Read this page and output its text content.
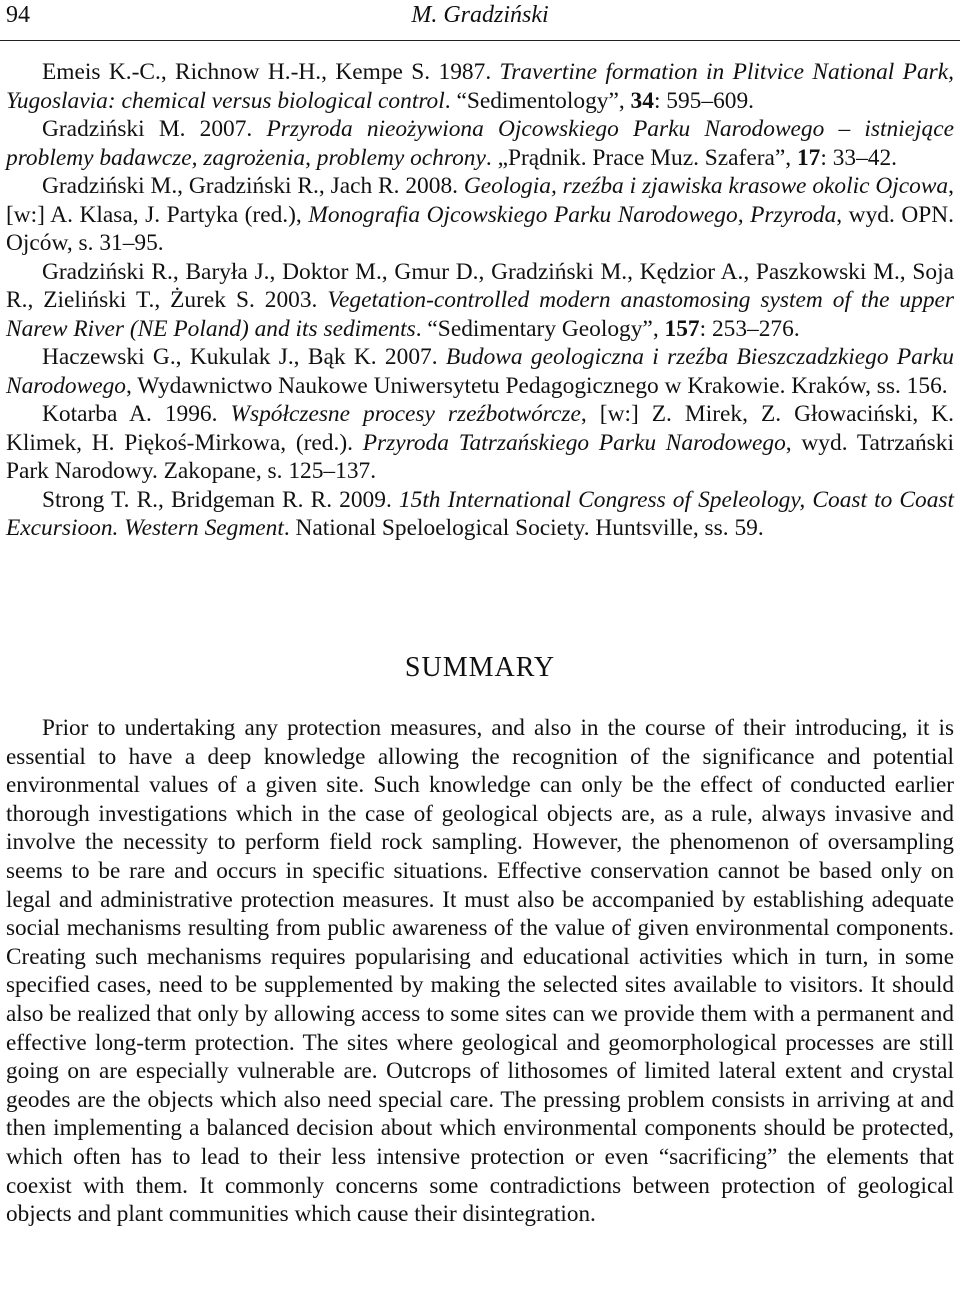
94	M. Gradziński

Emeis K.-C., Richnow H.-H., Kempe S. 1987. Travertine formation in Plitvice National Park, Yugoslavia: chemical versus biological control. “Sedimentology”, 34: 595–609.

Gradziński M. 2007. Przyroda nieożywiona Ojcowskiego Parku Narodowego – istniejące problemy badawcze, zagrożenia, problemy ochrony. „Prądnik. Prace Muz. Szafera”, 17: 33–42.

Gradziński M., Gradziński R., Jach R. 2008. Geologia, rzeźba i zjawiska krasowe okolic Ojcowa, [w:] A. Klasa, J. Partyka (red.), Monografia Ojcowskiego Parku Narodowego, Przyroda, wyd. OPN. Ojców, s. 31–95.

Gradziński R., Baryła J., Doktor M., Gmur D., Gradziński M., Kędzior A., Paszkowski M., Soja R., Zieliński T., Żurek S. 2003. Vegetation-controlled modern anastomosing system of the upper Narew River (NE Poland) and its sediments. “Sedimentary Geology”, 157: 253–276.

Haczewski G., Kukulak J., Bąk K. 2007. Budowa geologiczna i rzeźba Bieszczadzkiego Parku Narodowego, Wydawnictwo Naukowe Uniwersytetu Pedagogicznego w Krakowie. Kraków, ss. 156.

Kotarba A. 1996. Współczesne procesy rzeźbotwórcze, [w:] Z. Mirek, Z. Głowaciński, K. Klimek, H. Piękoś-Mirkowa, (red.). Przyroda Tatrzańskiego Parku Narodowego, wyd. Tatrzański Park Narodowy. Zakopane, s. 125–137.

Strong T. R., Bridgeman R. R. 2009. 15th International Congress of Speleology, Coast to Coast Excursioon. Western Segment. National Speloelogical Society. Huntsville, ss. 59.

SUMMARY

Prior to undertaking any protection measures, and also in the course of their introducing, it is essential to have a deep knowledge allowing the recognition of the significance and potential environmental values of a given site. Such knowledge can only be the effect of conducted earlier thorough investigations which in the case of geological objects are, as a rule, always invasive and involve the necessity to perform field rock sampling. However, the phenomenon of oversampling seems to be rare and occurs in specific situations. Effective conservation cannot be based only on legal and administrative protection measures. It must also be accompanied by establishing adequate social mechanisms resulting from public awareness of the value of given environmental components. Creating such mechanisms requires popularising and educational activities which in turn, in some specified cases, need to be supplemented by making the selected sites available to visitors. It should also be realized that only by allowing access to some sites can we provide them with a permanent and effective long-term protection. The sites where geological and geomorphological processes are still going on are especially vulnerable are. Outcrops of lithosomes of limited lateral extent and crystal geodes are the objects which also need special care. The pressing problem consists in arriving at and then implementing a balanced decision about which environmental components should be protected, which often has to lead to their less intensive protection or even “sacrificing” the elements that coexist with them. It commonly concerns some contradictions between protection of geological objects and plant communities which cause their disintegration.
